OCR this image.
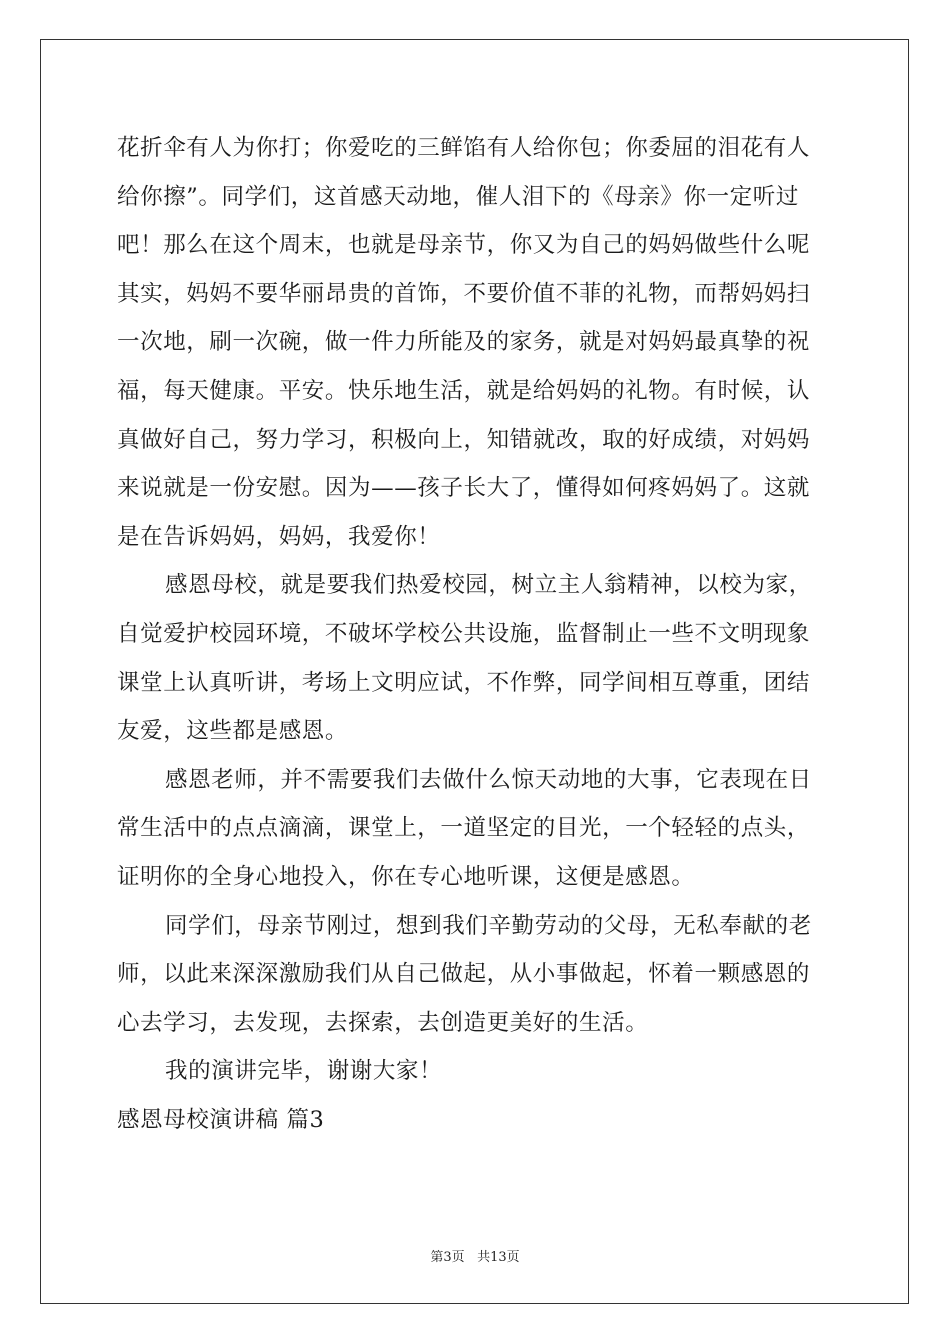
花折伞有人为你打；你爱吃的三鲜馅有人给你包；你委屈的泪花有人
给你擦”。同学们，这首感天动地，催人泪下的《母亲》你一定听过
吧！那么在这个周末，也就是母亲节，你又为自己的妈妈做些什么呢
其实，妈妈不要华丽昂贵的首饰，不要价值不菲的礼物，而帮妈妈扫
一次地，刷一次碗，做一件力所能及的家务，就是对妈妈最真挚的祝
福，每天健康。平安。快乐地生活，就是给妈妈的礼物。有时候，认
真做好自己，努力学习，积极向上，知错就改，取的好成绩，对妈妈
来说就是一份安慰。因为——孩子长大了，懂得如何疼妈妈了。这就
是在告诉妈妈，妈妈，我爱你！
感恩母校，就是要我们热爱校园，树立主人翁精神，以校为家，
自觉爱护校园环境，不破坏学校公共设施，监督制止一些不文明现象
课堂上认真听讲，考场上文明应试，不作弊，同学间相互尊重，团结
友爱，这些都是感恩。
感恩老师，并不需要我们去做什么惊天动地的大事，它表现在日
常生活中的点点滴滴，课堂上，一道坚定的目光，一个轻轻的点头，
证明你的全身心地投入，你在专心地听课，这便是感恩。
同学们，母亲节刚过，想到我们辛勤劳动的父母，无私奉献的老
师，以此来深深激励我们从自己做起，从小事做起，怀着一颗感恩的
心去学习，去发现，去探索，去创造更美好的生活。
我的演讲完毕，谢谢大家！
感恩母校演讲稿 篇3
第3页 共13页
